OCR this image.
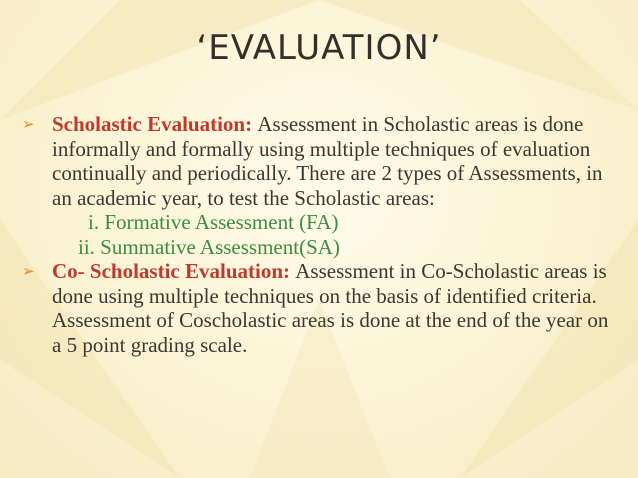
‘EVALUATION’
➢ Scholastic Evaluation: Assessment in Scholastic areas is done informally and formally using multiple techniques of evaluation continually and periodically. There are 2 types of Assessments, in an academic year, to test the Scholastic areas:
i. Formative Assessment (FA)
ii. Summative Assessment(SA)
➢ Co- Scholastic Evaluation: Assessment in Co-Scholastic areas is done using multiple techniques on the basis of identified criteria. Assessment of Coscholastic areas is done at the end of the year on a 5 point grading scale.
